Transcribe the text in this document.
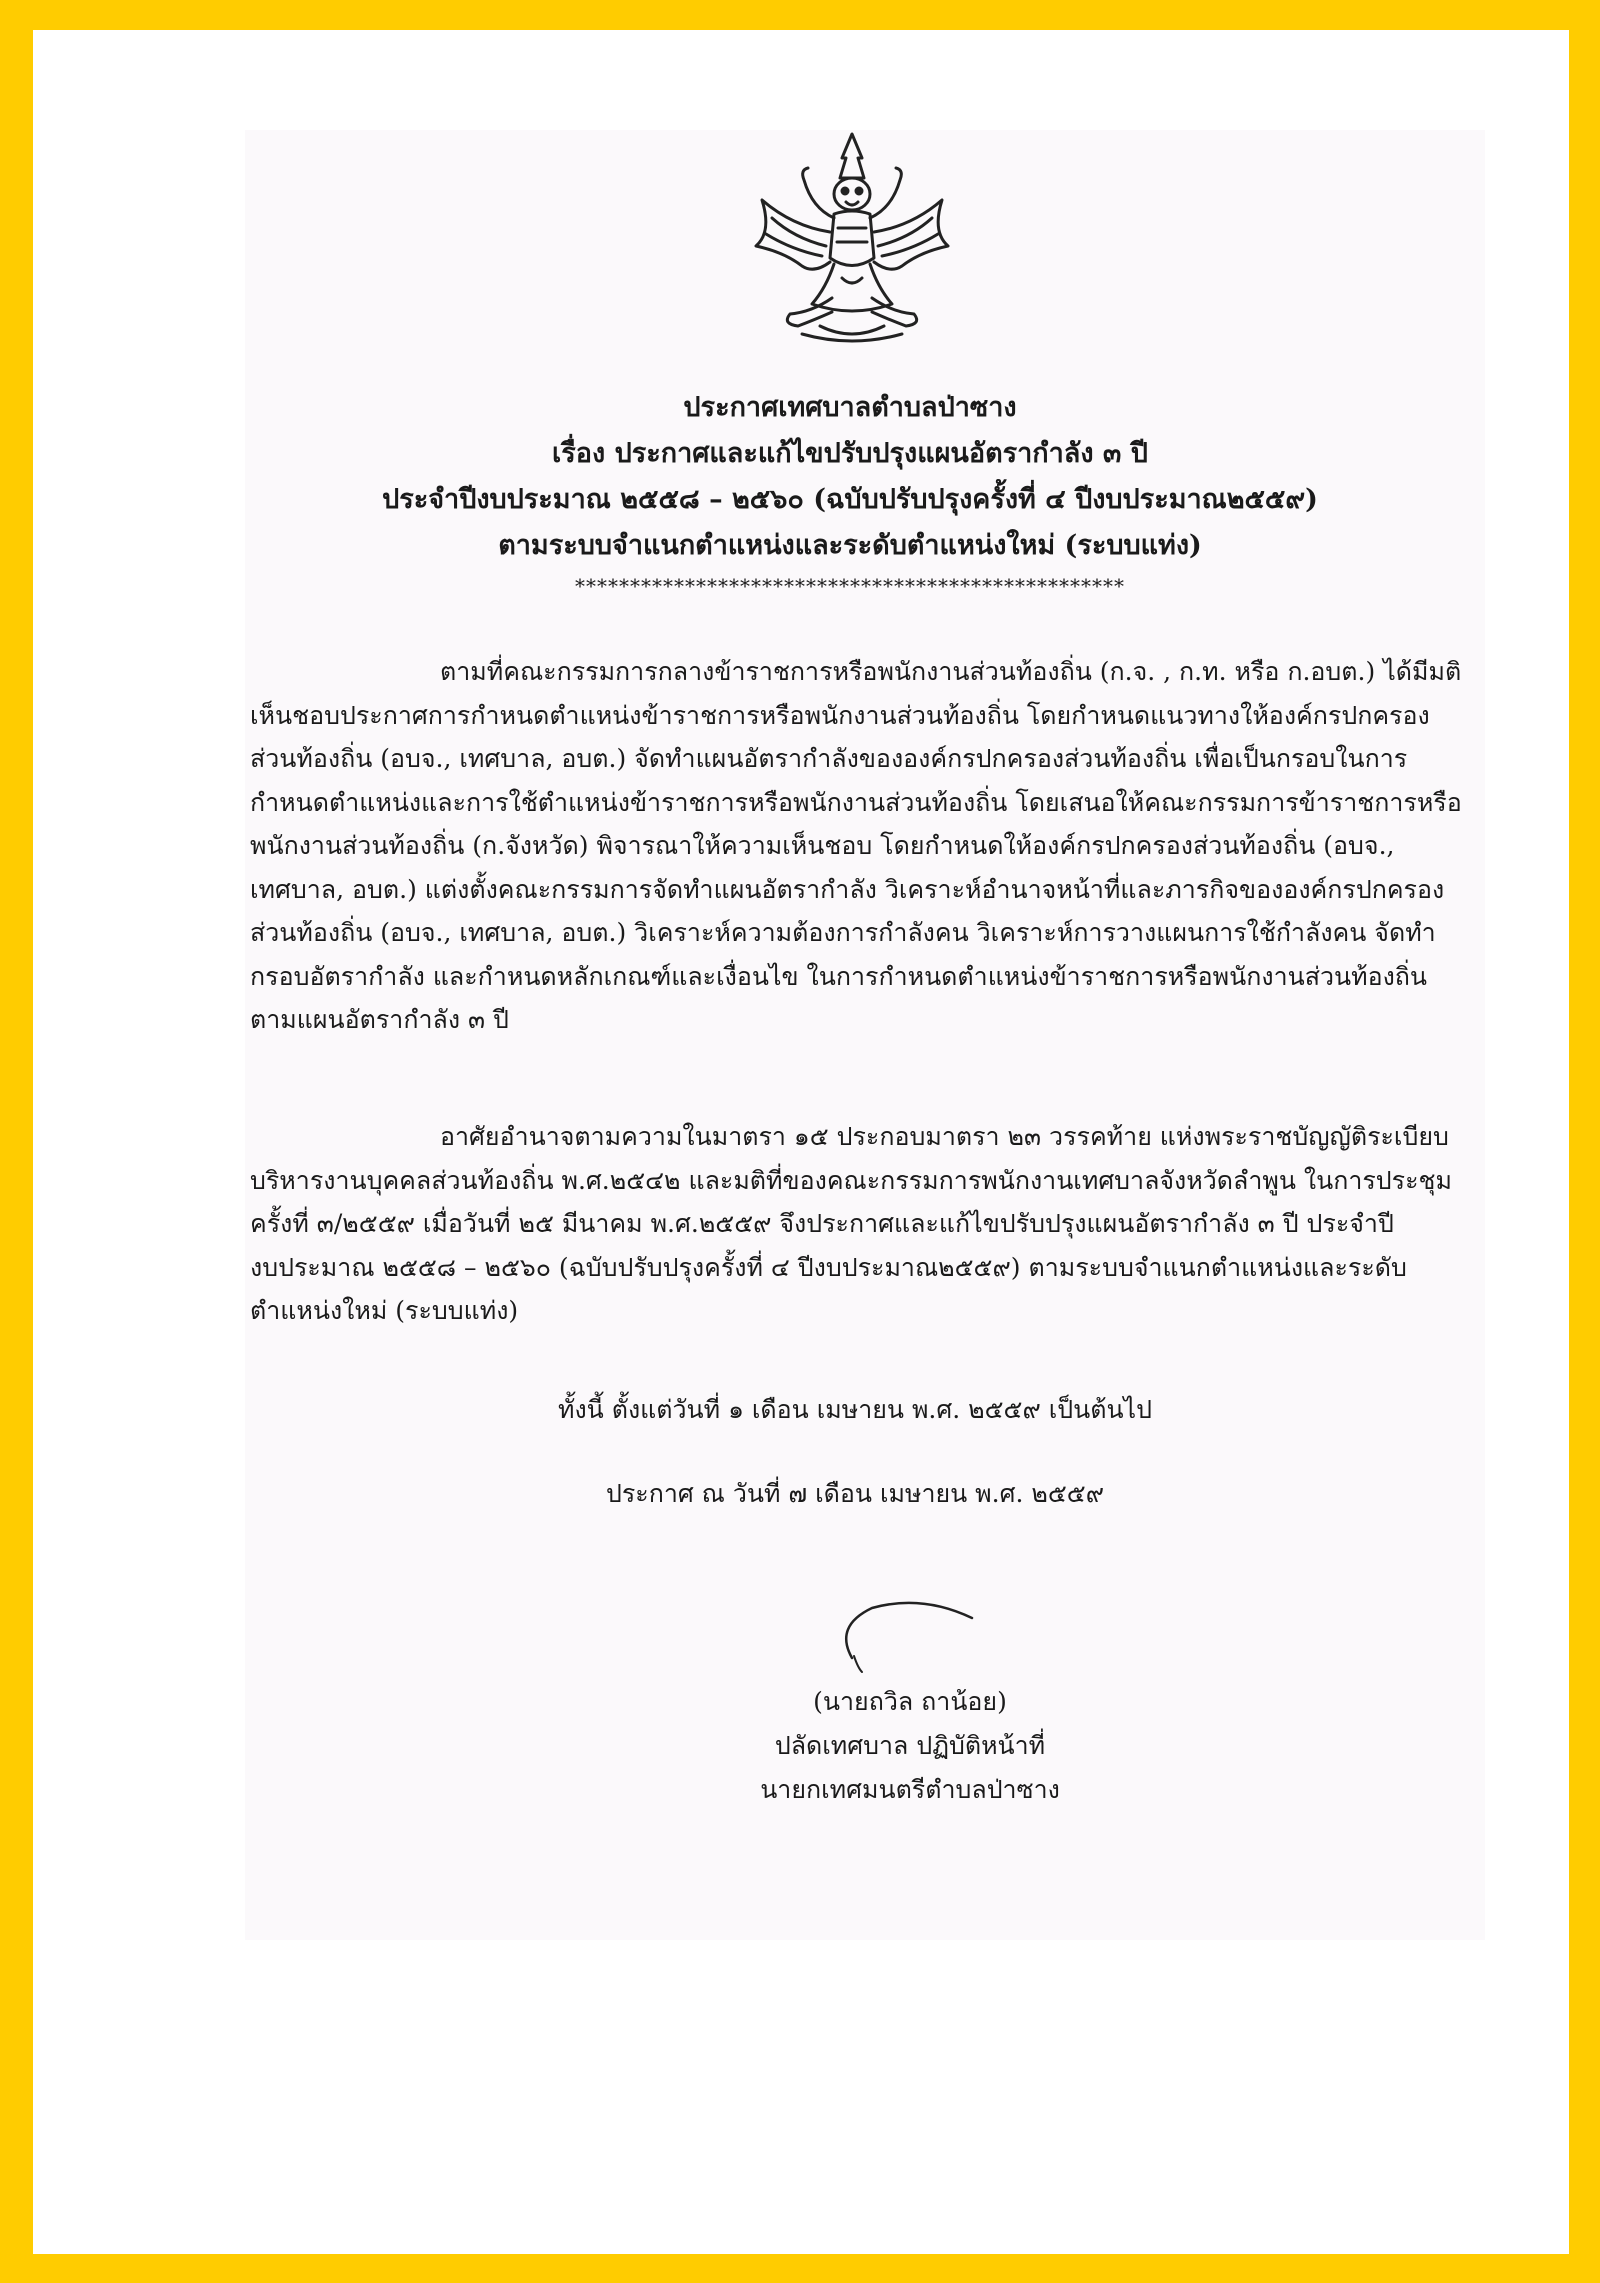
ประกาศเทศบาลตำบลป่าซาง
เรื่อง ประกาศและแก้ไขปรับปรุงแผนอัตรากำลัง ๓ ปี
ประจำปีงบประมาณ ๒๕๕๘ – ๒๕๖๐ (ฉบับปรับปรุงครั้งที่ ๔ ปีงบประมาณ๒๕๕๙)
ตามระบบจำแนกตำแหน่งและระดับตำแหน่งใหม่ (ระบบแท่ง)
**************************************************
ตามที่คณะกรรมการกลางข้าราชการหรือพนักงานส่วนท้องถิ่น (ก.จ. , ก.ท. หรือ ก.อบต.) ได้มีมติ
เห็นชอบประกาศการกำหนดตำแหน่งข้าราชการหรือพนักงานส่วนท้องถิ่น โดยกำหนดแนวทางให้องค์กรปกครอง
ส่วนท้องถิ่น (อบจ., เทศบาล, อบต.) จัดทำแผนอัตรากำลังขององค์กรปกครองส่วนท้องถิ่น เพื่อเป็นกรอบในการ
กำหนดตำแหน่งและการใช้ตำแหน่งข้าราชการหรือพนักงานส่วนท้องถิ่น โดยเสนอให้คณะกรรมการข้าราชการหรือ
พนักงานส่วนท้องถิ่น (ก.จังหวัด) พิจารณาให้ความเห็นชอบ โดยกำหนดให้องค์กรปกครองส่วนท้องถิ่น (อบจ.,
เทศบาล, อบต.) แต่งตั้งคณะกรรมการจัดทำแผนอัตรากำลัง วิเคราะห์อำนาจหน้าที่และภารกิจขององค์กรปกครอง
ส่วนท้องถิ่น (อบจ., เทศบาล, อบต.) วิเคราะห์ความต้องการกำลังคน วิเคราะห์การวางแผนการใช้กำลังคน จัดทำ
กรอบอัตรากำลัง และกำหนดหลักเกณฑ์และเงื่อนไข ในการกำหนดตำแหน่งข้าราชการหรือพนักงานส่วนท้องถิ่น
ตามแผนอัตรากำลัง ๓ ปี
อาศัยอำนาจตามความในมาตรา ๑๕ ประกอบมาตรา ๒๓ วรรคท้าย แห่งพระราชบัญญัติระเบียบ
บริหารงานบุคคลส่วนท้องถิ่น พ.ศ.๒๕๔๒ และมติที่ของคณะกรรมการพนักงานเทศบาลจังหวัดลำพูน ในการประชุม
ครั้งที่ ๓/๒๕๕๙ เมื่อวันที่ ๒๕ มีนาคม พ.ศ.๒๕๕๙ จึงประกาศและแก้ไขปรับปรุงแผนอัตรากำลัง ๓ ปี ประจำปี
งบประมาณ ๒๕๕๘ – ๒๕๖๐ (ฉบับปรับปรุงครั้งที่ ๔ ปีงบประมาณ๒๕๕๙) ตามระบบจำแนกตำแหน่งและระดับ
ตำแหน่งใหม่ (ระบบแท่ง)
ทั้งนี้ ตั้งแต่วันที่ ๑ เดือน เมษายน พ.ศ. ๒๕๕๙ เป็นต้นไป
ประกาศ ณ วันที่ ๗ เดือน เมษายน พ.ศ. ๒๕๕๙
(นายถวิล ถาน้อย)
ปลัดเทศบาล ปฏิบัติหน้าที่
นายกเทศมนตรีตำบลป่าซาง
